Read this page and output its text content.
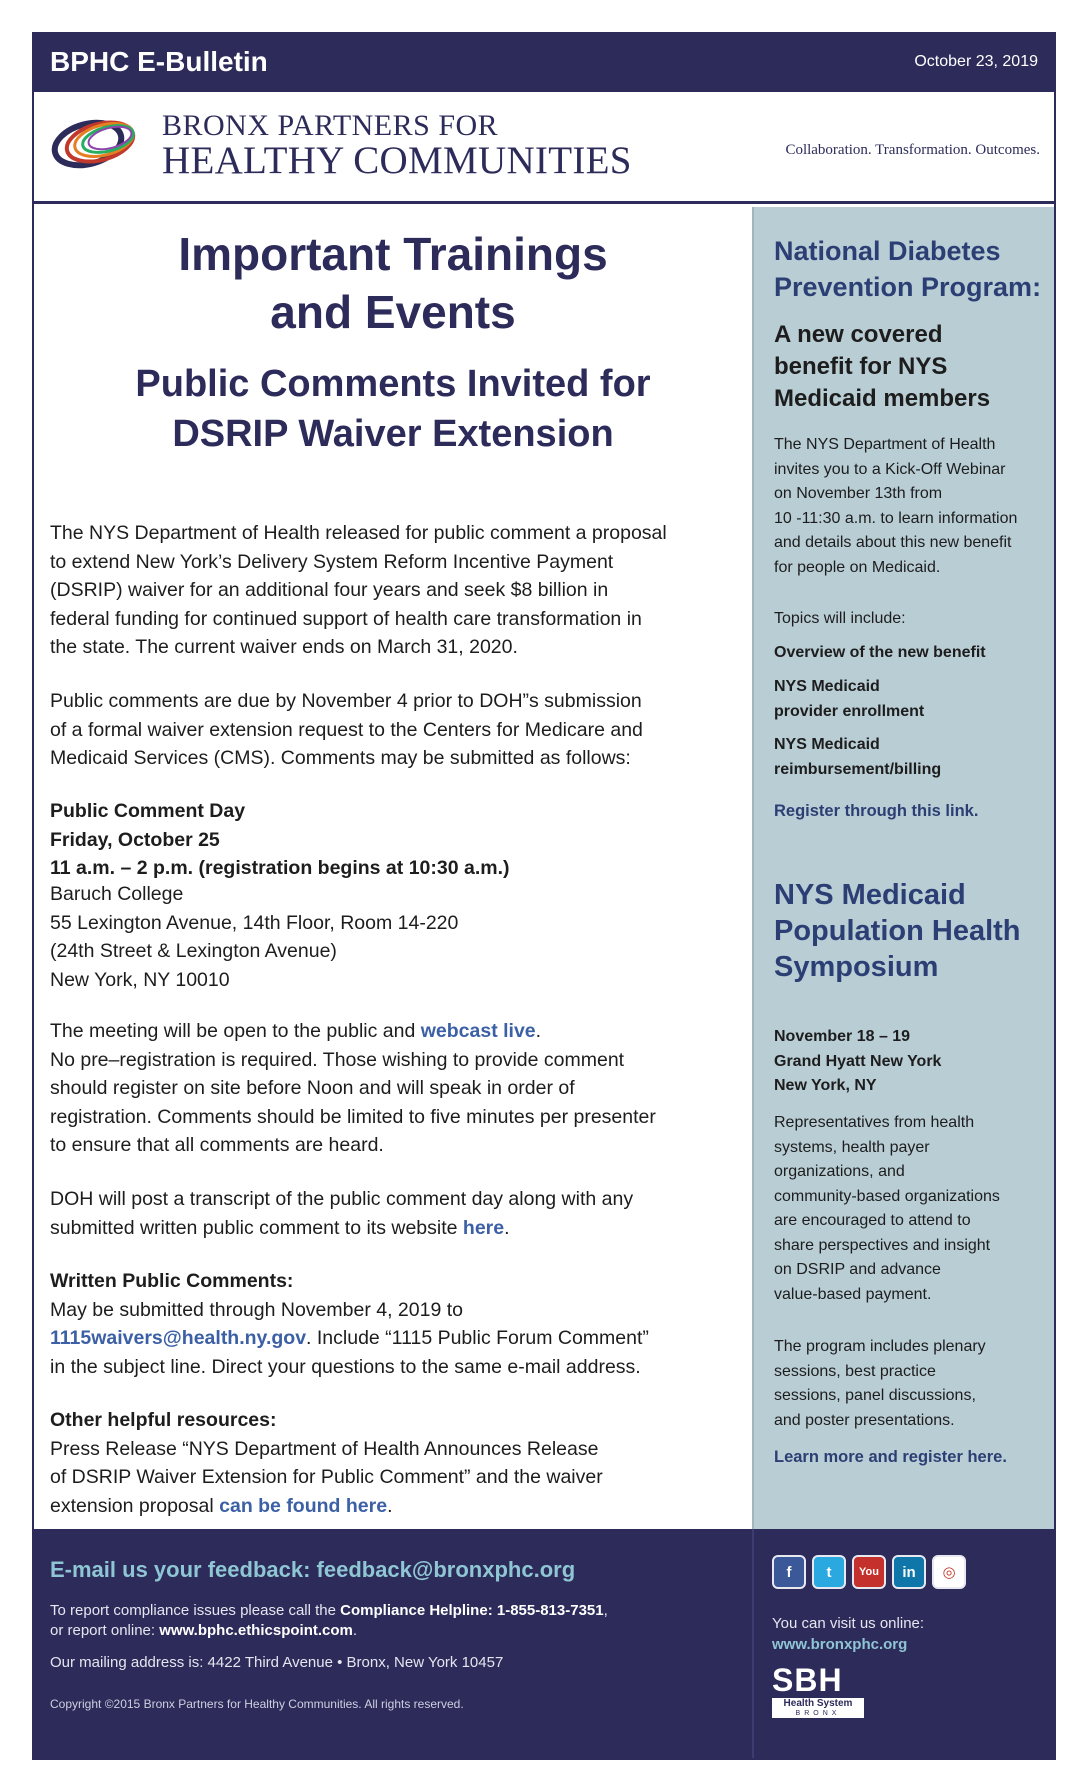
BPHC E-Bulletin	October 23, 2019
BRONX PARTNERS FOR
HEALTHY COMMUNITIES	Collaboration. Transformation. Outcomes.
Important Trainings
and Events
Public Comments Invited for
DSRIP Waiver Extension
The NYS Department of Health released for public comment a proposal
to extend New York’s Delivery System Reform Incentive Payment
(DSRIP) waiver for an additional four years and seek $8 billion in
federal funding for continued support of health care transformation in
the state. The current waiver ends on March 31, 2020.
Public comments are due by November 4 prior to DOH”s submission
of a formal waiver extension request to the Centers for Medicare and
Medicaid Services (CMS). Comments may be submitted as follows:
Public Comment Day
Friday, October 25
11 a.m. – 2 p.m. (registration begins at 10:30 a.m.)
Baruch College
55 Lexington Avenue, 14th Floor, Room 14-220
(24th Street & Lexington Avenue)
New York, NY 10010
The meeting will be open to the public and webcast live.
No pre–registration is required. Those wishing to provide comment
should register on site before Noon and will speak in order of
registration. Comments should be limited to five minutes per presenter
to ensure that all comments are heard.
DOH will post a transcript of the public comment day along with any
submitted written public comment to its website here.
Written Public Comments:
May be submitted through November 4, 2019 to
1115waivers@health.ny.gov. Include “1115 Public Forum Comment”
in the subject line. Direct your questions to the same e-mail address.
Other helpful resources:
Press Release “NYS Department of Health Announces Release
of DSRIP Waiver Extension for Public Comment” and the waiver
extension proposal can be found here.
National Diabetes
Prevention Program:
A new covered
benefit for NYS
Medicaid members
The NYS Department of Health
invites you to a Kick-Off Webinar
on November 13th from
10 -11:30 a.m. to learn information
and details about this new benefit
for people on Medicaid.
Topics will include:
Overview of the new benefit
NYS Medicaid
provider enrollment
NYS Medicaid
reimbursement/billing
Register through this link.
NYS Medicaid
Population Health
Symposium
November 18 – 19
Grand Hyatt New York
New York, NY
Representatives from health
systems, health payer
organizations, and
community-based organizations
are encouraged to attend to
share perspectives and insight
on DSRIP and advance
value-based payment.
The program includes plenary
sessions, best practice
sessions, panel discussions,
and poster presentations.
Learn more and register here.
E-mail us your feedback: feedback@bronxphc.org
To report compliance issues please call the Compliance Helpline: 1-855-813-7351,
or report online: www.bphc.ethicspoint.com.
Our mailing address is: 4422 Third Avenue • Bronx, New York 10457
Copyright ©2015 Bronx Partners for Healthy Communities. All rights reserved.
f	t	You	in	◎
You can visit us online:
www.bronxphc.org
SBH
Health System
BRONX
